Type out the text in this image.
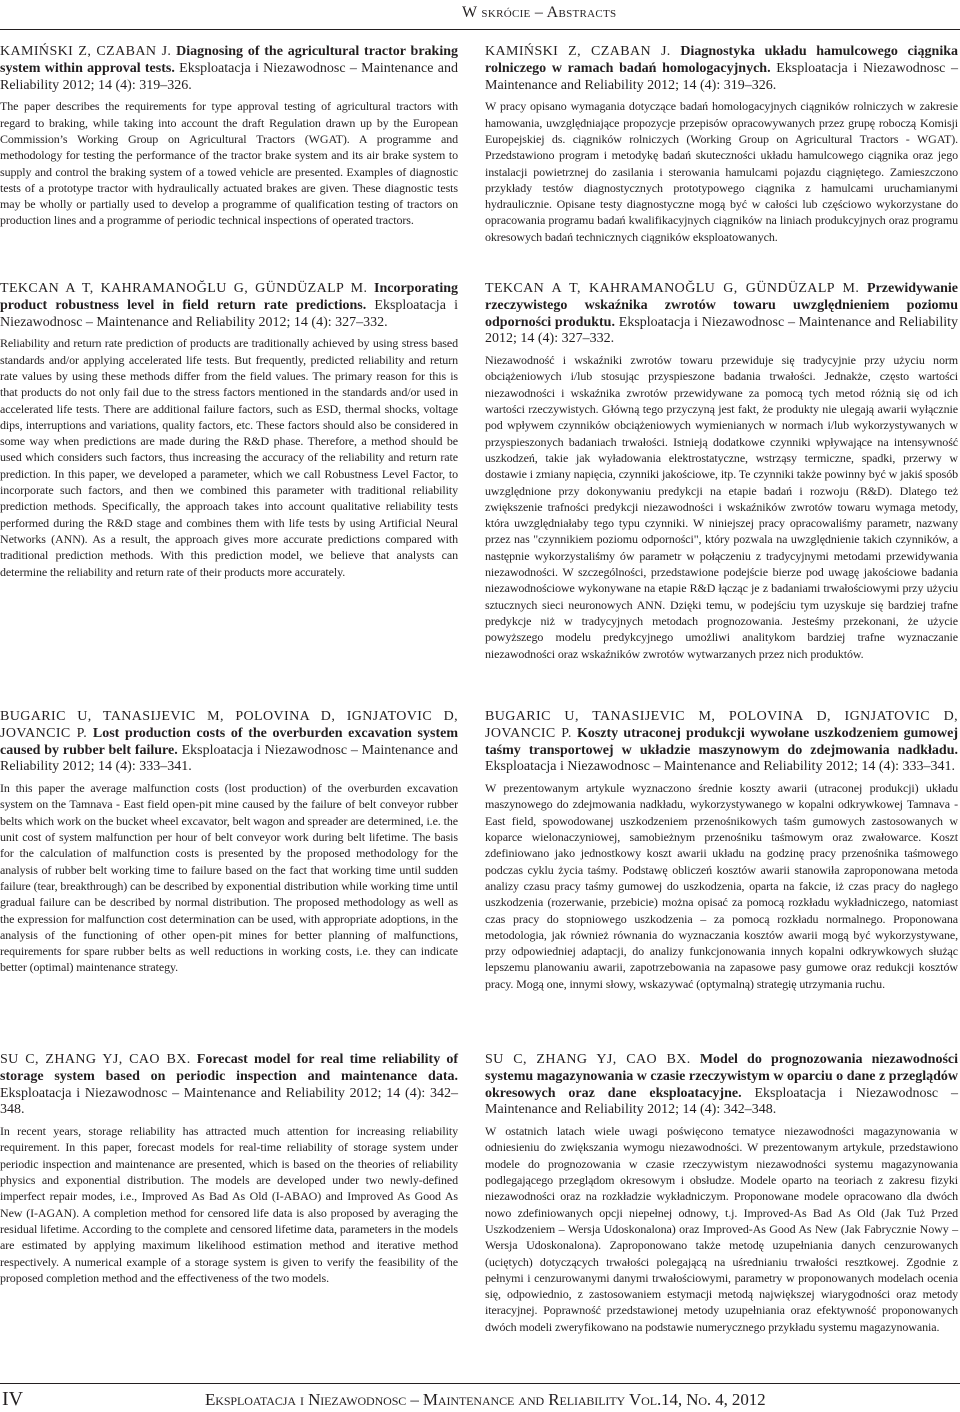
W skrócie – Abstracts

KAMIŃSKI Z, CZABAN J. Diagnosing of the agricultural tractor braking system within approval tests. Eksploatacja i Niezawodnosc – Maintenance and Reliability 2012; 14 (4): 319–326.

The paper describes the requirements for type approval testing of agricultural tractors with regard to braking, while taking into account the draft Regulation drawn up by the European Commission’s Working Group on Agricultural Tractors (WGAT). A programme and methodology for testing the performance of the tractor brake system and its air brake system to supply and control the braking system of a towed vehicle are presented. Examples of diagnostic tests of a prototype tractor with hydraulically actuated brakes are given. These diagnostic tests may be wholly or partially used to develop a programme of qualification testing of tractors on production lines and a programme of periodic technical inspections of operated tractors.

KAMIŃSKI Z, CZABAN J. Diagnostyka układu hamulcowego ciągnika rolniczego w ramach badań homologacyjnych. Eksploatacja i Niezawodnosc – Maintenance and Reliability 2012; 14 (4): 319–326.

W pracy opisano wymagania dotyczące badań homologacyjnych ciągników rolniczych w zakresie hamowania, uwzględniające propozycje przepisów opracowywanych przez grupę roboczą Komisji Europejskiej ds. ciągników rolniczych (Working Group on Agricultural Tractors - WGAT). Przedstawiono program i metodykę badań skuteczności układu hamulcowego ciągnika oraz jego instalacji powietrznej do zasilania i sterowania hamulcami pojazdu ciągniętego. Zamieszczono przykłady testów diagnostycznych prototypowego ciągnika z hamulcami uruchamianymi hydraulicznie. Opisane testy diagnostyczne mogą być w całości lub częściowo wykorzystane do opracowania programu badań kwalifikacyjnych ciągników na liniach produkcyjnych oraz programu okresowych badań technicznych ciągników eksploatowanych.

TEKCAN A T, KAHRAMANOĞLU G, GÜNDÜZALP M. Incorporating product robustness level in field return rate predictions. Eksploatacja i Niezawodnosc – Maintenance and Reliability 2012; 14 (4): 327–332.

Reliability and return rate prediction of products are traditionally achieved by using stress based standards and/or applying accelerated life tests. But frequently, predicted reliability and return rate values by using these methods differ from the field values. The primary reason for this is that products do not only fail due to the stress factors mentioned in the standards and/or used in accelerated life tests. There are additional failure factors, such as ESD, thermal shocks, voltage dips, interruptions and variations, quality factors, etc. These factors should also be considered in some way when predictions are made during the R&D phase. Therefore, a method should be used which considers such factors, thus increasing the accuracy of the reliability and return rate prediction. In this paper, we developed a parameter, which we call Robustness Level Factor, to incorporate such factors, and then we combined this parameter with traditional reliability prediction methods. Specifically, the approach takes into account qualitative reliability tests performed during the R&D stage and combines them with life tests by using Artificial Neural Networks (ANN). As a result, the approach gives more accurate predictions compared with traditional prediction methods. With this prediction model, we believe that analysts can determine the reliability and return rate of their products more accurately.

TEKCAN A T, KAHRAMANOĞLU G, GÜNDÜZALP M. Przewidywanie rzeczywistego wskaźnika zwrotów towaru uwzględnieniem poziomu odporności produktu. Eksploatacja i Niezawodnosc – Maintenance and Reliability 2012; 14 (4): 327–332.

Niezawodność i wskaźniki zwrotów towaru przewiduje się tradycyjnie przy użyciu norm obciążeniowych i/lub stosując przyspieszone badania trwałości. Jednakże, często wartości niezawodności i wskaźnika zwrotów przewidywane za pomocą tych metod różnią się od ich wartości rzeczywistych. Główną tego przyczyną jest fakt, że produkty nie ulegają awarii wyłącznie pod wpływem czynników obciążeniowych wymienianych w normach i/lub wykorzystywanych w przyspieszonych badaniach trwałości. Istnieją dodatkowe czynniki wpływające na intensywność uszkodzeń, takie jak wyładowania elektrostatyczne, wstrząsy termiczne, spadki, przerwy w dostawie i zmiany napięcia, czynniki jakościowe, itp. Te czynniki także powinny być w jakiś sposób uwzględnione przy dokonywaniu predykcji na etapie badań i rozwoju (R&D). Dlatego też zwiększenie trafności predykcji niezawodności i wskaźników zwrotów towaru wymaga metody, która uwzględniałaby tego typu czynniki. W niniejszej pracy opracowaliśmy parametr, nazwany przez nas "czynnikiem poziomu odporności", który pozwala na uwzględnienie takich czynników, a następnie wykorzystaliśmy ów parametr w połączeniu z tradycyjnymi metodami przewidywania niezawodności. W szczególności, przedstawione podejście bierze pod uwagę jakościowe badania niezawodnościowe wykonywane na etapie R&D łącząc je z badaniami trwałościowymi przy użyciu sztucznych sieci neuronowych ANN. Dzięki temu, w podejściu tym uzyskuje się bardziej trafne predykcje niż w tradycyjnych metodach prognozowania. Jesteśmy przekonani, że użycie powyższego modelu predykcyjnego umożliwi analitykom bardziej trafne wyznaczanie niezawodności oraz wskaźników zwrotów wytwarzanych przez nich produktów.

BUGARIC U, TANASIJEVIC M, POLOVINA D, IGNJATOVIC D, JOVANCIC P. Lost production costs of the overburden excavation system caused by rubber belt failure. Eksploatacja i Niezawodnosc – Maintenance and Reliability 2012; 14 (4): 333–341.

In this paper the average malfunction costs (lost production) of the overburden excavation system on the Tamnava - East field open-pit mine caused by the failure of belt conveyor rubber belts which work on the bucket wheel excavator, belt wagon and spreader are determined, i.e. the unit cost of system malfunction per hour of belt conveyor work during belt lifetime. The basis for the calculation of malfunction costs is presented by the proposed methodology for the analysis of rubber belt working time to failure based on the fact that working time until sudden failure (tear, breakthrough) can be described by exponential distribution while working time until gradual failure can be described by normal distribution. The proposed methodology as well as the expression for malfunction cost determination can be used, with appropriate adoptions, in the analysis of the functioning of other open-pit mines for better planning of malfunctions, requirements for spare rubber belts as well reductions in working costs, i.e. they can indicate better (optimal) maintenance strategy.

BUGARIC U, TANASIJEVIC M, POLOVINA D, IGNJATOVIC D, JOVANCIC P. Koszty utraconej produkcji wywołane uszkodzeniem gumowej taśmy transportowej w układzie maszynowym do zdejmowania nadkładu. Eksploatacja i Niezawodnosc – Maintenance and Reliability 2012; 14 (4): 333–341.

W prezentowanym artykule wyznaczono średnie koszty awarii (utraconej produkcji) układu maszynowego do zdejmowania nadkładu, wykorzystywanego w kopalni odkrywkowej Tamnava - East field, spowodowanej uszkodzeniem przenośnikowych taśm gumowych zastosowanych w koparce wielonaczyniowej, samobieżnym przenośniku taśmowym oraz zwałowarce. Koszt zdefiniowano jako jednostkowy koszt awarii układu na godzinę pracy przenośnika taśmowego podczas cyklu życia taśmy. Podstawę obliczeń kosztów awarii stanowiła zaproponowana metoda analizy czasu pracy taśmy gumowej do uszkodzenia, oparta na fakcie, iż czas pracy do nagłego uszkodzenia (rozerwanie, przebicie) można opisać za pomocą rozkładu wykładniczego, natomiast czas pracy do stopniowego uszkodzenia – za pomocą rozkładu normalnego. Proponowana metodologia, jak również równania do wyznaczania kosztów awarii mogą być wykorzystywane, przy odpowiedniej adaptacji, do analizy funkcjonowania innych kopalni odkrywkowych służąc lepszemu planowaniu awarii, zapotrzebowania na zapasowe pasy gumowe oraz redukcji kosztów pracy. Mogą one, innymi słowy, wskazywać (optymalną) strategię utrzymania ruchu.

SU C, ZHANG YJ, CAO BX. Forecast model for real time reliability of storage system based on periodic inspection and maintenance data. Eksploatacja i Niezawodnosc – Maintenance and Reliability 2012; 14 (4): 342–348.

In recent years, storage reliability has attracted much attention for increasing reliability requirement. In this paper, forecast models for real-time reliability of storage system under periodic inspection and maintenance are presented, which is based on the theories of reliability physics and exponential distribution. The models are developed under two newly-defined imperfect repair modes, i.e., Improved As Bad As Old (I-ABAO) and Improved As Good As New (I-AGAN). A completion method for censored life data is also proposed by averaging the residual lifetime. According to the complete and censored lifetime data, parameters in the models are estimated by applying maximum likelihood estimation method and iterative method respectively. A numerical example of a storage system is given to verify the feasibility of the proposed completion method and the effectiveness of the two models.

SU C, ZHANG YJ, CAO BX. Model do prognozowania niezawodności systemu magazynowania w czasie rzeczywistym w oparciu o dane z przeglądów okresowych oraz dane eksploatacyjne. Eksploatacja i Niezawodnosc – Maintenance and Reliability 2012; 14 (4): 342–348.

W ostatnich latach wiele uwagi poświęcono tematyce niezawodności magazynowania w odniesieniu do zwiększania wymogu niezawodności. W prezentowanym artykule, przedstawiono modele do prognozowania w czasie rzeczywistym niezawodności systemu magazynowania podlegającego przeglądom okresowym i obsłudze. Modele oparto na teoriach z zakresu fizyki niezawodności oraz na rozkładzie wykładniczym. Proponowane modele opracowano dla dwóch nowo zdefiniowanych opcji niepełnej odnowy, t.j. Improved-As Bad As Old (Jak Tuż Przed Uszkodzeniem – Wersja Udoskonalona) oraz Improved-As Good As New (Jak Fabrycznie Nowy – Wersja Udoskonalona). Zaproponowano także metodę uzupełniania danych cenzurowanych (uciętych) dotyczących trwałości polegającą na uśrednianiu trwałości resztkowej. Zgodnie z pełnymi i cenzurowanymi danymi trwałościowymi, parametry w proponowanych modelach ocenia się, odpowiednio, z zastosowaniem estymacji metodą największej wiarygodności oraz metody iteracyjnej. Poprawność przedstawionej metody uzupełniania oraz efektywność proponowanych dwóch modeli zweryfikowano na podstawie numerycznego przykładu systemu magazynowania.

IV	Eksploatacja i Niezawodnosc – Maintenance and Reliability Vol.14, No. 4, 2012
